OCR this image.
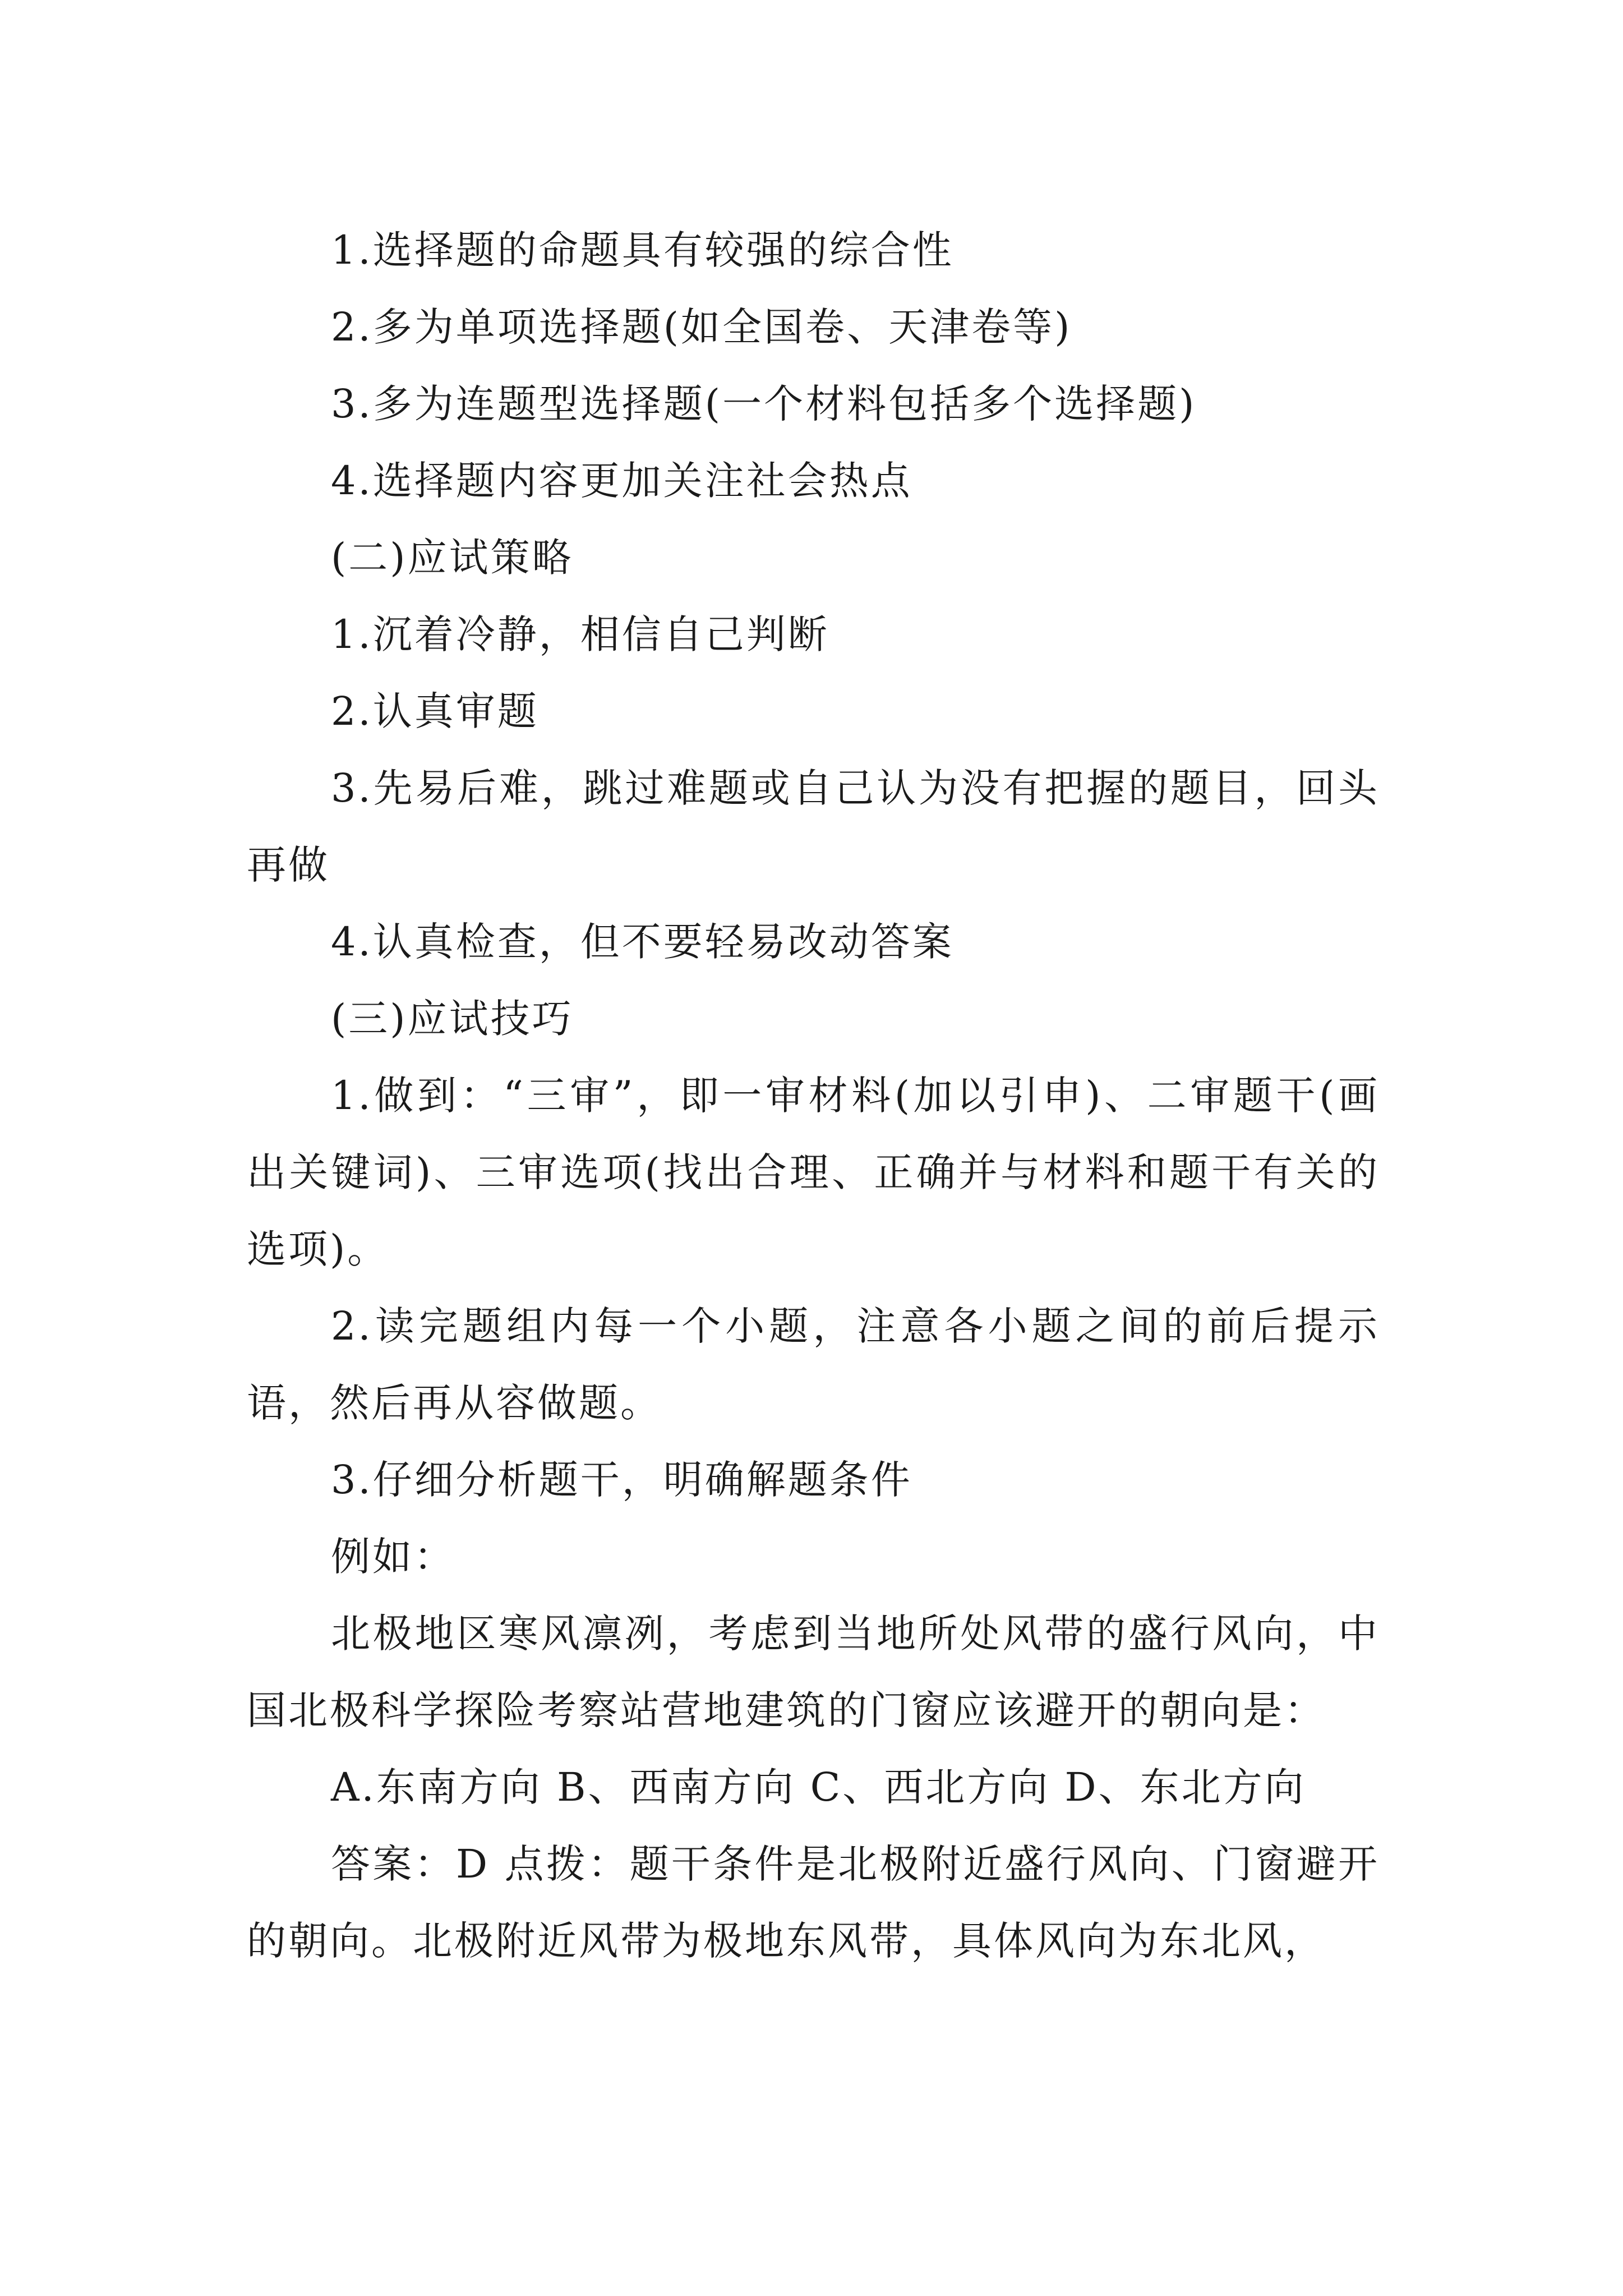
1.选择题的命题具有较强的综合性

2.多为单项选择题(如全国卷、天津卷等)

3.多为连题型选择题(一个材料包括多个选择题)

4.选择题内容更加关注社会热点

(二)应试策略

1.沉着冷静，相信自己判断

2.认真审题

3.先易后难，跳过难题或自己认为没有把握的题目，回头再做

4.认真检查，但不要轻易改动答案

(三)应试技巧

1.做到：“三审”，即一审材料(加以引申)、二审题干(画出关键词)、三审选项(找出合理、正确并与材料和题干有关的选项)。

2.读完题组内每一个小题，注意各小题之间的前后提示语，然后再从容做题。

3.仔细分析题干，明确解题条件

例如：

北极地区寒风凛冽，考虑到当地所处风带的盛行风向，中国北极科学探险考察站营地建筑的门窗应该避开的朝向是：

A.东南方向 B、西南方向 C、西北方向 D、东北方向

答案：D 点拨：题干条件是北极附近盛行风向、门窗避开的朝向。北极附近风带为极地东风带，具体风向为东北风，
